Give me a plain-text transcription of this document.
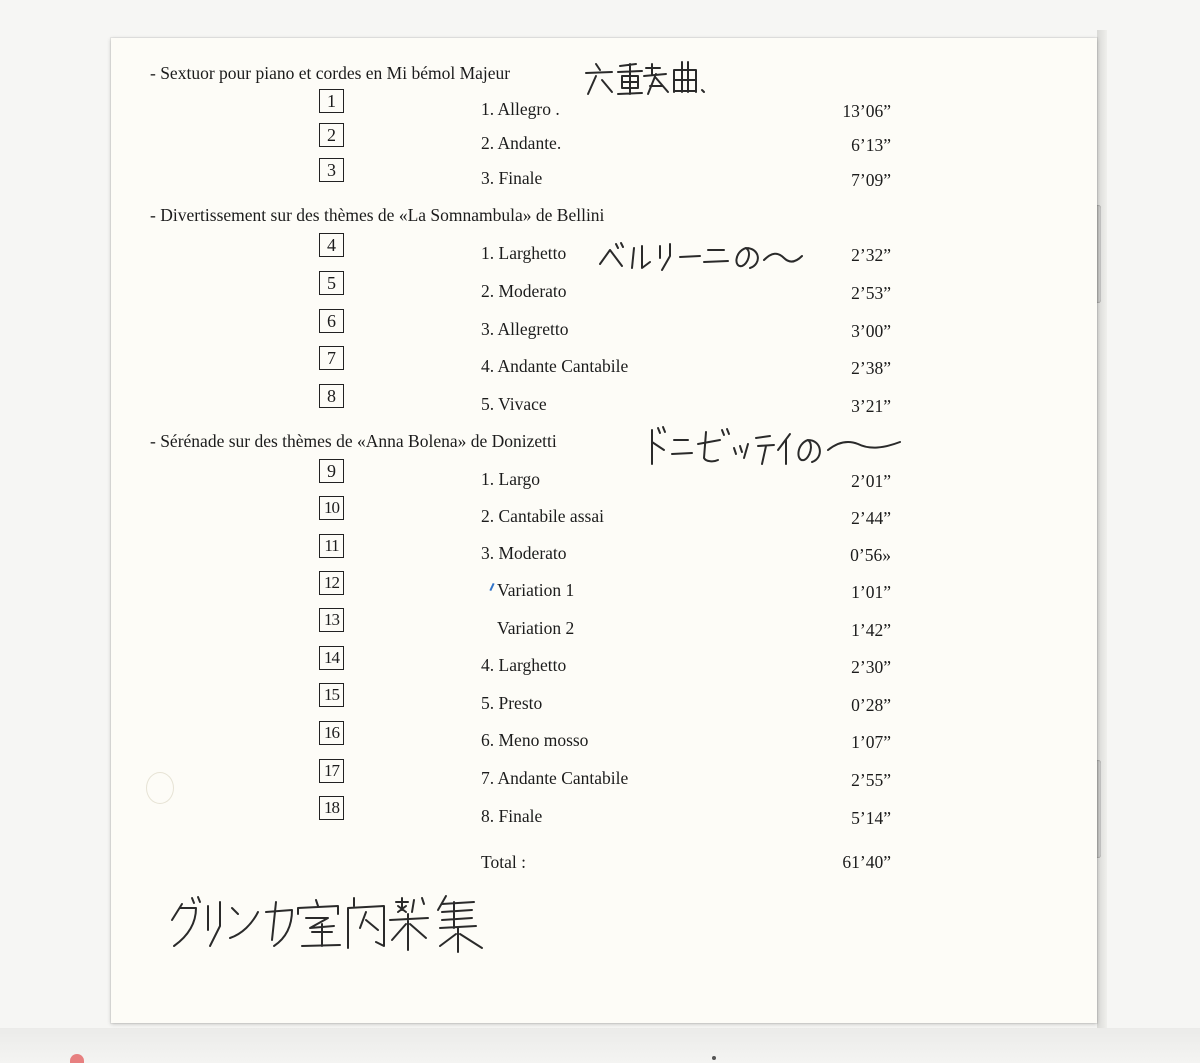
- Sextuor pour piano et cordes en Mi bémol Majeur
1	1. Allegro .	13’06”
2	2. Andante.	6’13”
3	3. Finale	7’09”
- Divertissement sur des thèmes de «La Somnambula» de Bellini
4	1. Larghetto	2’32”
5	2. Moderato	2’53”
6	3. Allegretto	3’00”
7	4. Andante Cantabile	2’38”
8	5. Vivace	3’21”
- Sérénade sur des thèmes de «Anna Bolena» de Donizetti
9	1. Largo	2’01”
10	2. Cantabile assai	2’44”
11	3. Moderato	0’56»
12	Variation 1	1’01”
13	Variation 2	1’42”
14	4. Larghetto	2’30”
15	5. Presto	0’28”
16	6. Meno mosso	1’07”
17	7. Andante Cantabile	2’55”
18	8. Finale	5’14”
Total :	61’40”
